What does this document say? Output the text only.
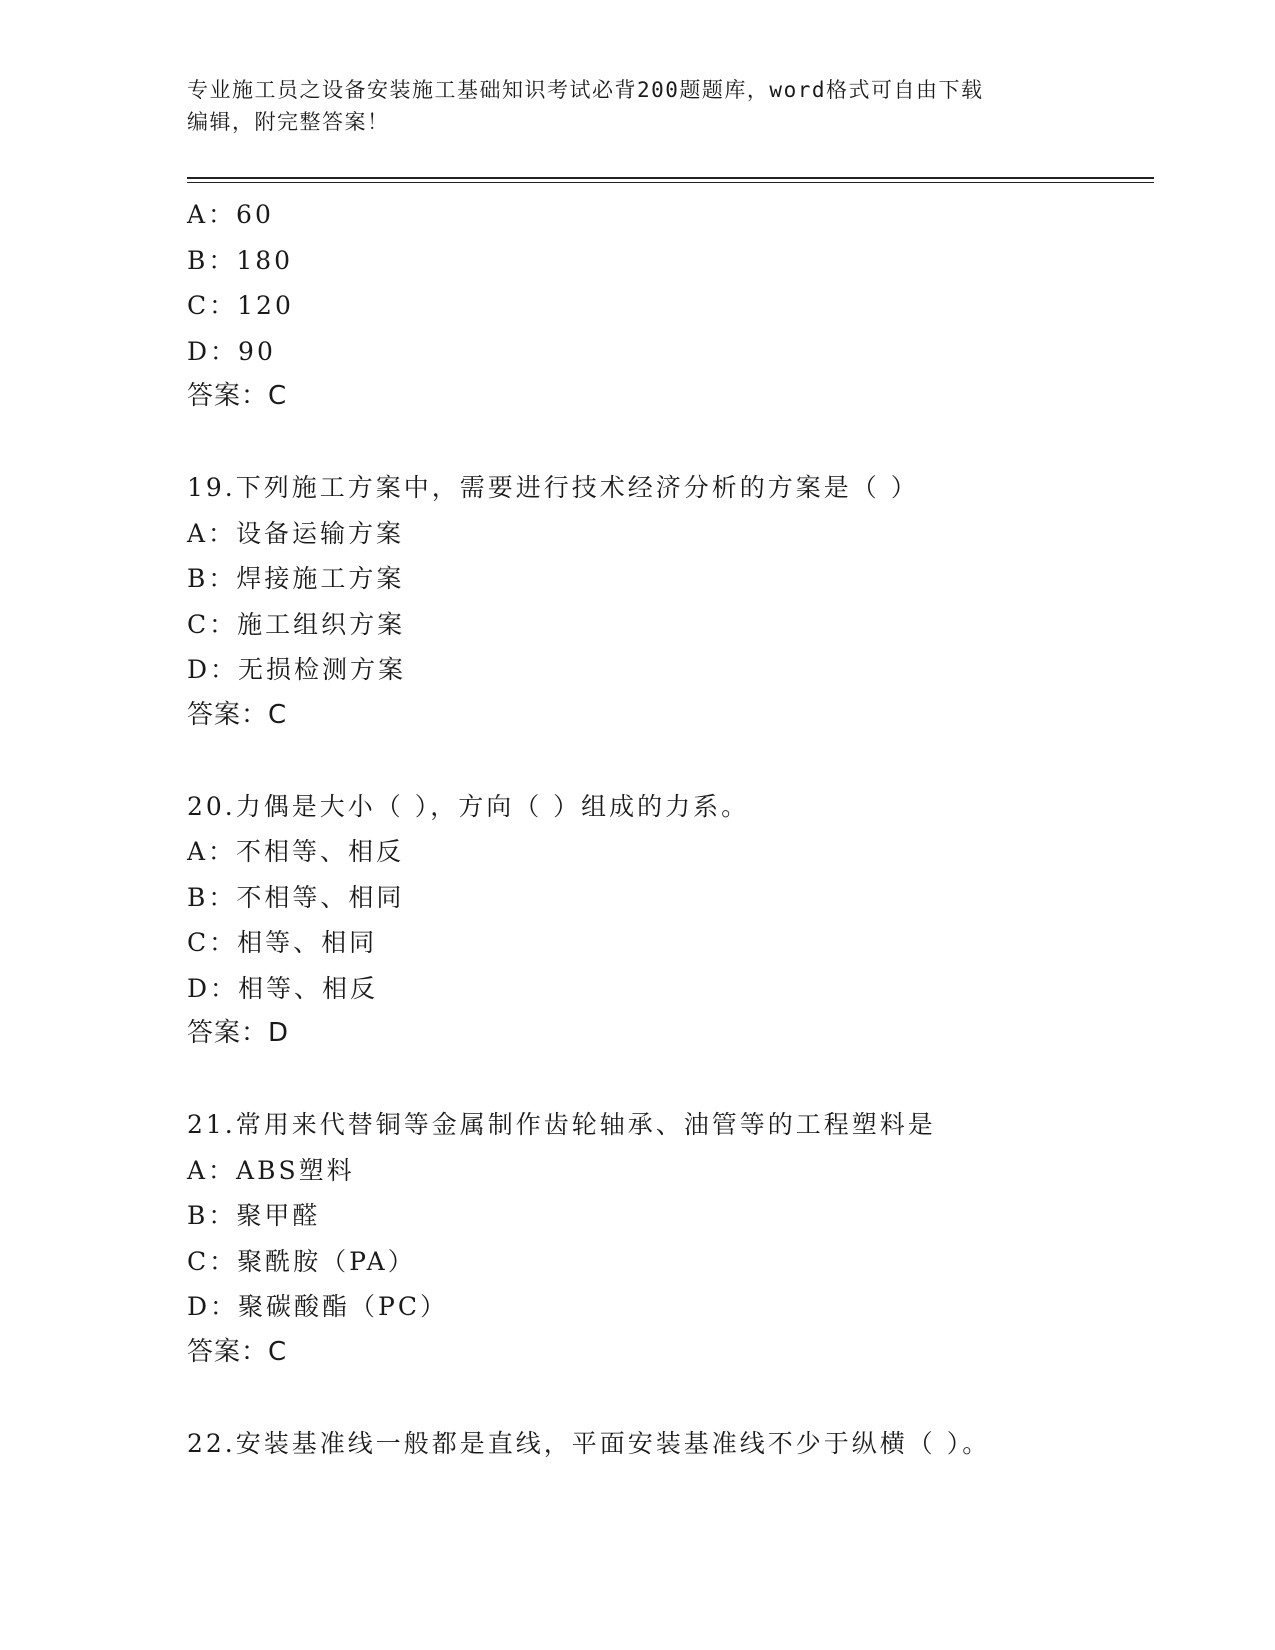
专业施工员之设备安装施工基础知识考试必背200题题库，word格式可自由下载
编辑，附完整答案！
A：60
B：180
C：120
D：90
答案：C
19.下列施工方案中，需要进行技术经济分析的方案是（ ）
A：设备运输方案
B：焊接施工方案
C：施工组织方案
D：无损检测方案
答案：C
20.力偶是大小（ ），方向（ ）组成的力系。
A：不相等、相反
B：不相等、相同
C：相等、相同
D：相等、相反
答案：D
21.常用来代替铜等金属制作齿轮轴承、油管等的工程塑料是
A：ABS塑料
B：聚甲醛
C：聚酰胺（PA）
D：聚碳酸酯（PC）
答案：C
22.安装基准线一般都是直线，平面安装基准线不少于纵横（ ）。
